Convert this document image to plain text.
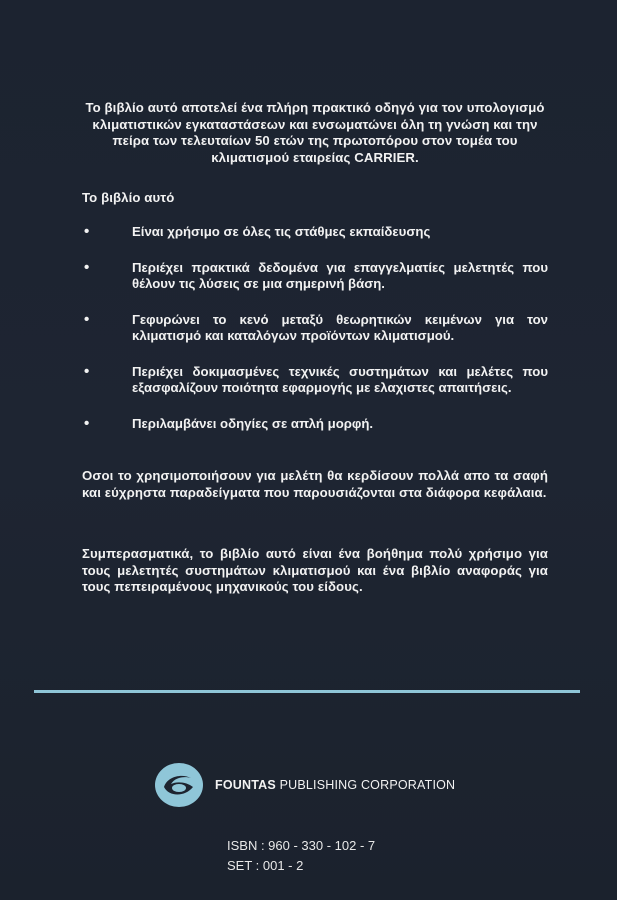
Το βιβλίο αυτό αποτελεί ένα πλήρη πρακτικό οδηγό για τον υπολογισμό κλιματιστικών εγκαταστάσεων και ενσωματώνει όλη τη γνώση και την πείρα των τελευταίων 50 ετών της πρωτοπόρου στον τομέα του κλιματισμού εταιρείας CARRIER.
Το βιβλίο αυτό
• Είναι χρήσιμο σε όλες τις στάθμες εκπαίδευσης
• Περιέχει πρακτικά δεδομένα για επαγγελματίες μελετητές που θέλουν τις λύσεις σε μια σημερινή βάση.
• Γεφυρώνει το κενό μεταξύ θεωρητικών κειμένων για τον κλιματισμό και καταλόγων προϊόντων κλιματισμού.
• Περιέχει δοκιμασμένες τεχνικές συστημάτων και μελέτες που εξασφαλίζουν ποιότητα εφαρμογής με ελαχιστες απαιτήσεις.
• Περιλαμβάνει οδηγίες σε απλή μορφή.
Οσοι το χρησιμοποιήσουν για μελέτη θα κερδίσουν πολλά απο τα σαφή και εύχρηστα παραδείγματα που παρουσιάζονται στα διάφορα κεφάλαια.
Συμπερασματικά, το βιβλίο αυτό είναι ένα βοήθημα πολύ χρήσιμο για τους μελετητές συστημάτων κλιματισμού και ένα βιβλίο αναφοράς για τους πεπειραμένους μηχανικούς του είδους.
FOUNTAS PUBLISHING CORPORATION
ISBN : 960 - 330 - 102 - 7
SET : 001 - 2
